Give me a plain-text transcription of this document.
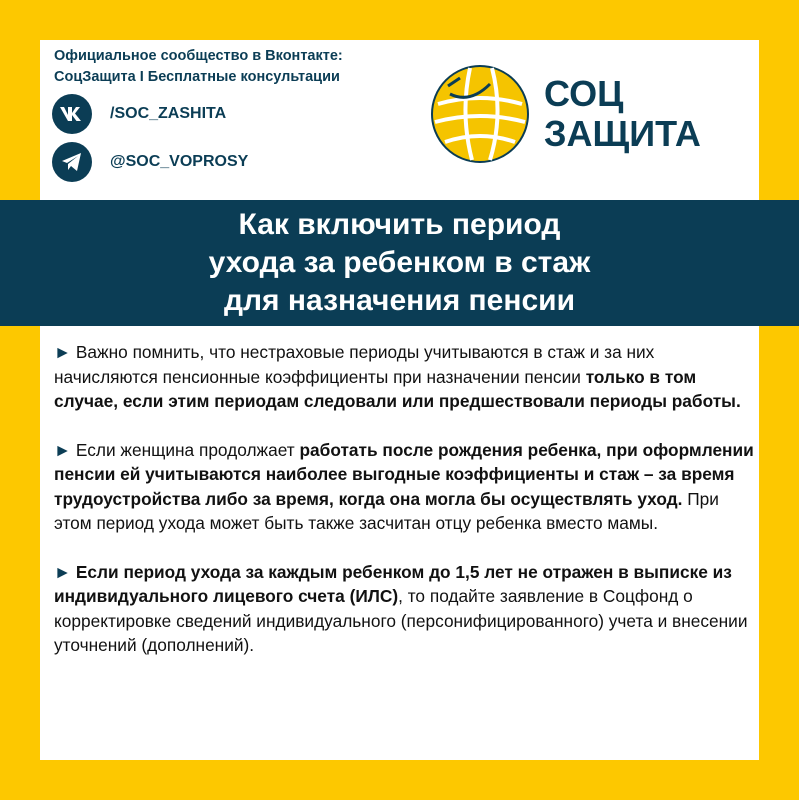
Официальное сообщество в Вконтакте:
СоцЗащита I Бесплатные консультации
/SOC_ZASHITA
@SOC_VOPROSY
СОЦ
ЗАЩИТА
Как включить период
ухода за ребенком в стаж
для назначения пенсии

► Важно помнить, что нестраховые периоды учитываются в стаж и за них начисляются пенсионные коэффициенты при назначении пенсии только в том случае, если этим периодам следовали или предшествовали периоды работы.

► Если женщина продолжает работать после рождения ребенка, при оформлении пенсии ей учитываются наиболее выгодные коэффициенты и стаж – за время трудоустройства либо за время, когда она могла бы осуществлять уход. При этом период ухода может быть также засчитан отцу ребенка вместо мамы.

► Если период ухода за каждым ребенком до 1,5 лет не отражен в выписке из индивидуального лицевого счета (ИЛС), то подайте заявление в Соцфонд о корректировке сведений индивидуального (персонифицированного) учета и внесении уточнений (дополнений).
